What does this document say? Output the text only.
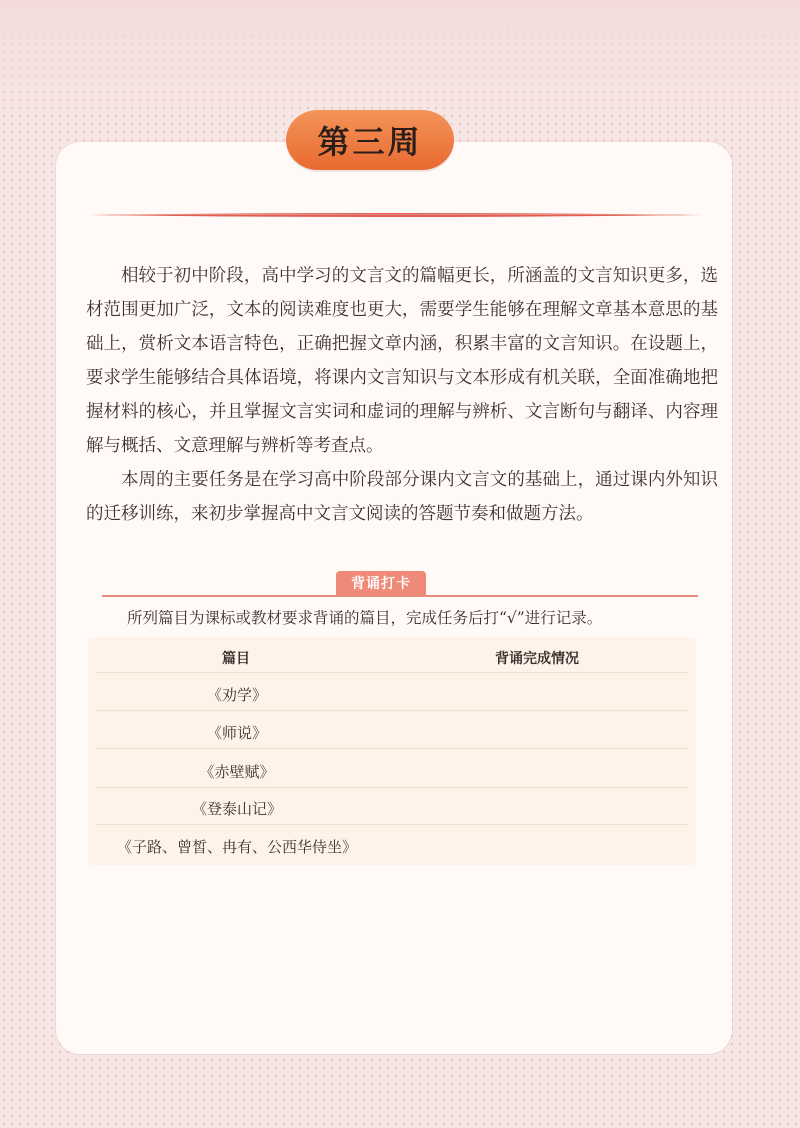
第三周

相较于初中阶段，高中学习的文言文的篇幅更长，所涵盖的文言知识更多，选材范围更加广泛，文本的阅读难度也更大，需要学生能够在理解文章基本意思的基础上，赏析文本语言特色，正确把握文章内涵，积累丰富的文言知识。在设题上，要求学生能够结合具体语境，将课内文言知识与文本形成有机关联，全面准确地把握材料的核心，并且掌握文言实词和虚词的理解与辨析、文言断句与翻译、内容理解与概括、文意理解与辨析等考查点。

本周的主要任务是在学习高中阶段部分课内文言文的基础上，通过课内外知识的迁移训练，来初步掌握高中文言文阅读的答题节奏和做题方法。

背诵打卡
所列篇目为课标或教材要求背诵的篇目，完成任务后打“√”进行记录。
篇目	背诵完成情况
《劝学》
《师说》
《赤壁赋》
《登泰山记》
《子路、曾皙、冉有、公西华侍坐》
